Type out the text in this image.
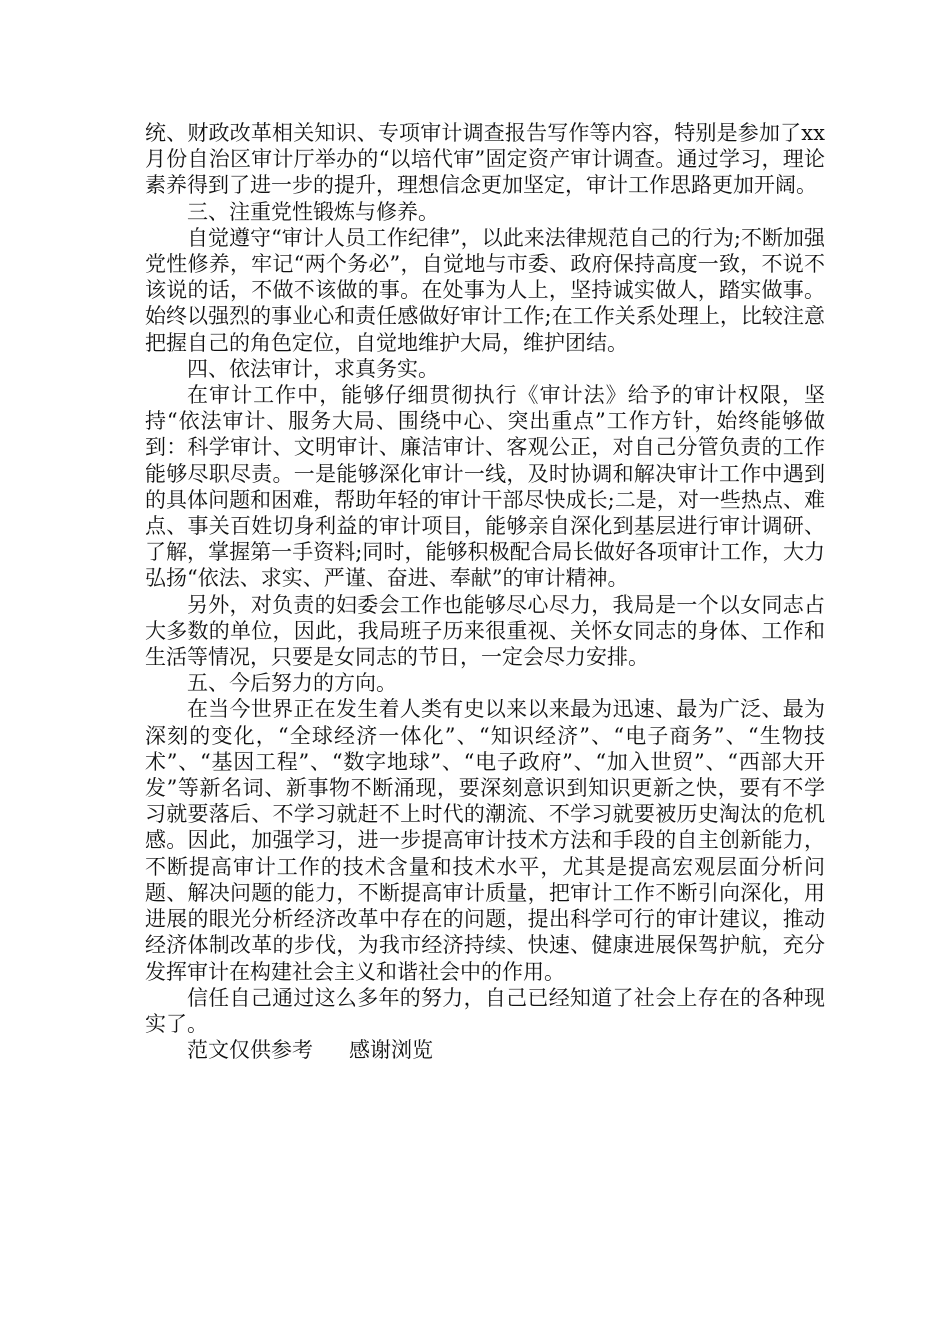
统、财政改革相关知识、专项审计调查报告写作等内容，特别是参加了xx月份自治区审计厅举办的“以培代审”固定资产审计调查。通过学习，理论素养得到了进一步的提升，理想信念更加坚定，审计工作思路更加开阔。

三、注重党性锻炼与修养。

自觉遵守“审计人员工作纪律”，以此来法律规范自己的行为;不断加强党性修养，牢记“两个务必”，自觉地与市委、政府保持高度一致，不说不该说的话，不做不该做的事。在处事为人上，坚持诚实做人，踏实做事。始终以强烈的事业心和责任感做好审计工作;在工作关系处理上，比较注意把握自己的角色定位，自觉地维护大局，维护团结。

四、依法审计，求真务实。

在审计工作中，能够仔细贯彻执行《审计法》给予的审计权限，坚持“依法审计、服务大局、围绕中心、突出重点”工作方针，始终能够做到：科学审计、文明审计、廉洁审计、客观公正，对自己分管负责的工作能够尽职尽责。一是能够深化审计一线，及时协调和解决审计工作中遇到的具体问题和困难，帮助年轻的审计干部尽快成长;二是，对一些热点、难点、事关百姓切身利益的审计项目，能够亲自深化到基层进行审计调研、了解，掌握第一手资料;同时，能够积极配合局长做好各项审计工作，大力弘扬“依法、求实、严谨、奋进、奉献”的审计精神。

另外，对负责的妇委会工作也能够尽心尽力，我局是一个以女同志占大多数的单位，因此，我局班子历来很重视、关怀女同志的身体、工作和生活等情况，只要是女同志的节日，一定会尽力安排。

五、今后努力的方向。

在当今世界正在发生着人类有史以来以来最为迅速、最为广泛、最为深刻的变化，“全球经济一体化”、“知识经济”、“电子商务”、“生物技术”、“基因工程”、“数字地球”、“电子政府”、“加入世贸”、“西部大开发”等新名词、新事物不断涌现，要深刻意识到知识更新之快，要有不学习就要落后、不学习就赶不上时代的潮流、不学习就要被历史淘汰的危机感。因此，加强学习，进一步提高审计技术方法和手段的自主创新能力，不断提高审计工作的技术含量和技术水平，尤其是提高宏观层面分析问题、解决问题的能力，不断提高审计质量，把审计工作不断引向深化，用进展的眼光分析经济改革中存在的问题，提出科学可行的审计建议，推动经济体制改革的步伐，为我市经济持续、快速、健康进展保驾护航，充分发挥审计在构建社会主义和谐社会中的作用。

信任自己通过这么多年的努力，自己已经知道了社会上存在的各种现实了。

范文仅供参考 感谢浏览
